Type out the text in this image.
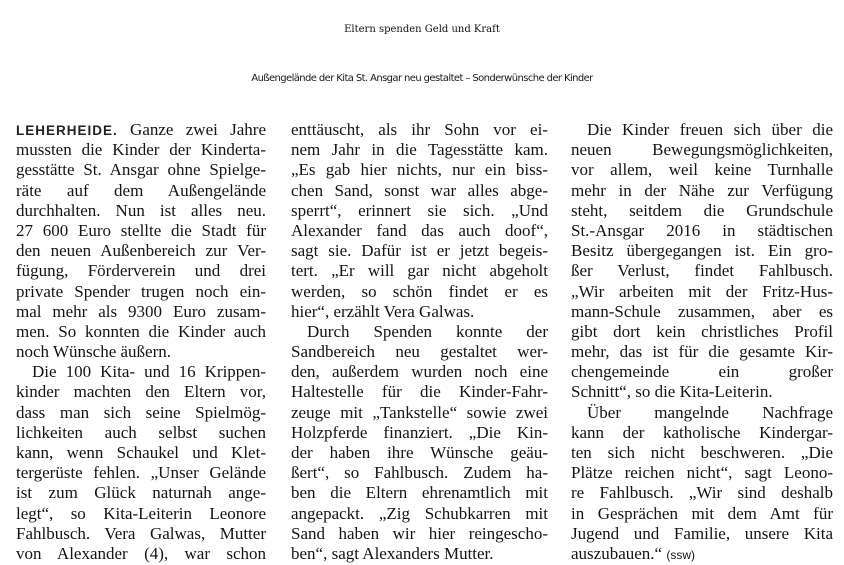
Eltern spenden Geld und Kraft
Außengelände der Kita St. Ansgar neu gestaltet – Sonderwünsche der Kinder
LEHERHEIDE. Ganze zwei Jahre
mussten die Kinder der Kinderta-
gesstätte St. Ansgar ohne Spielge-
räte auf dem Außengelände
durchhalten. Nun ist alles neu.
27 600 Euro stellte die Stadt für
den neuen Außenbereich zur Ver-
fügung, Förderverein und drei
private Spender trugen noch ein-
mal mehr als 9300 Euro zusam-
men. So konnten die Kinder auch
noch Wünsche äußern.
Die 100 Kita- und 16 Krippen-
kinder machten den Eltern vor,
dass man sich seine Spielmög-
lichkeiten auch selbst suchen
kann, wenn Schaukel und Klet-
tergerüste fehlen. „Unser Gelände
ist zum Glück naturnah ange-
legt“, so Kita-Leiterin Leonore
Fahlbusch. Vera Galwas, Mutter
von Alexander (4), war schon
enttäuscht, als ihr Sohn vor ei-
nem Jahr in die Tagesstätte kam.
„Es gab hier nichts, nur ein biss-
chen Sand, sonst war alles abge-
sperrt“, erinnert sie sich. „Und
Alexander fand das auch doof“,
sagt sie. Dafür ist er jetzt begeis-
tert. „Er will gar nicht abgeholt
werden, so schön findet er es
hier“, erzählt Vera Galwas.
Durch Spenden konnte der
Sandbereich neu gestaltet wer-
den, außerdem wurden noch eine
Haltestelle für die Kinder-Fahr-
zeuge mit „Tankstelle“ sowie zwei
Holzpferde finanziert. „Die Kin-
der haben ihre Wünsche geäu-
ßert“, so Fahlbusch. Zudem ha-
ben die Eltern ehrenamtlich mit
angepackt. „Zig Schubkarren mit
Sand haben wir hier reingescho-
ben“, sagt Alexanders Mutter.
Die Kinder freuen sich über die
neuen Bewegungsmöglichkeiten,
vor allem, weil keine Turnhalle
mehr in der Nähe zur Verfügung
steht, seitdem die Grundschule
St.-Ansgar 2016 in städtischen
Besitz übergegangen ist. Ein gro-
ßer Verlust, findet Fahlbusch.
„Wir arbeiten mit der Fritz-Hus-
mann-Schule zusammen, aber es
gibt dort kein christliches Profil
mehr, das ist für die gesamte Kir-
chengemeinde ein großer
Schnitt“, so die Kita-Leiterin.
Über mangelnde Nachfrage
kann der katholische Kindergar-
ten sich nicht beschweren. „Die
Plätze reichen nicht“, sagt Leono-
re Fahlbusch. „Wir sind deshalb
in Gesprächen mit dem Amt für
Jugend und Familie, unsere Kita
auszubauen.“ (ssw)
